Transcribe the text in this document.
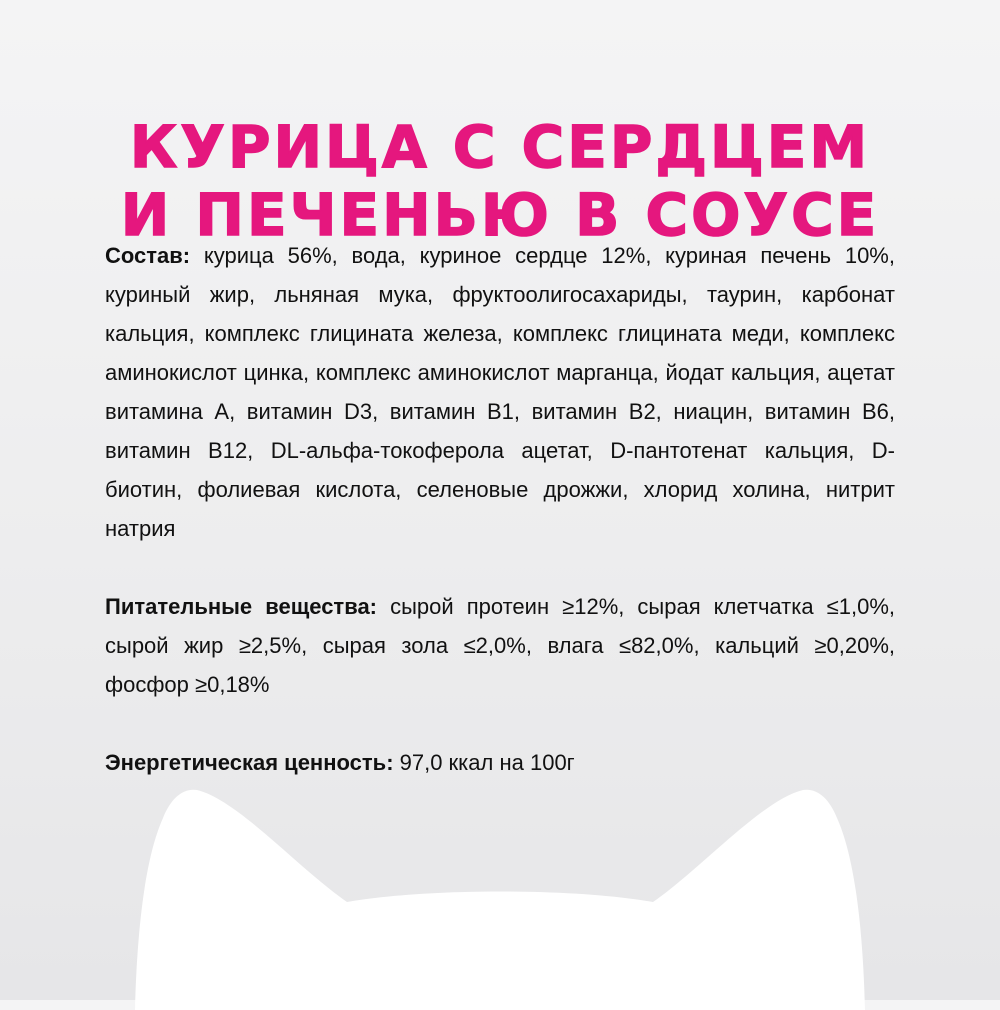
КУРИЦА С СЕРДЦЕМ
И ПЕЧЕНЬЮ В СОУСЕ

Состав: курица 56%, вода, куриное сердце 12%, куриная печень 10%, куриный жир, льняная мука, фруктоолигосахариды, таурин, карбонат кальция, комплекс глицината железа, комплекс глицината меди, комплекс аминокислот цинка, комплекс аминокислот марганца, йодат кальция, ацетат витамина A, витамин D3, витамин B1, витамин B2, ниацин, витамин B6, витамин B12, DL-альфа-токоферола ацетат, D-пантотенат кальция, D-биотин, фолиевая кислота, селеновые дрожжи, хлорид холина, нитрит натрия

Питательные вещества: сырой протеин ≥12%, сырая клетчатка ≤1,0%, сырой жир ≥2,5%, сырая зола ≤2,0%, влага ≤82,0%, кальций ≥0,20%, фосфор ≥0,18%

Энергетическая ценность: 97,0 ккал на 100г
